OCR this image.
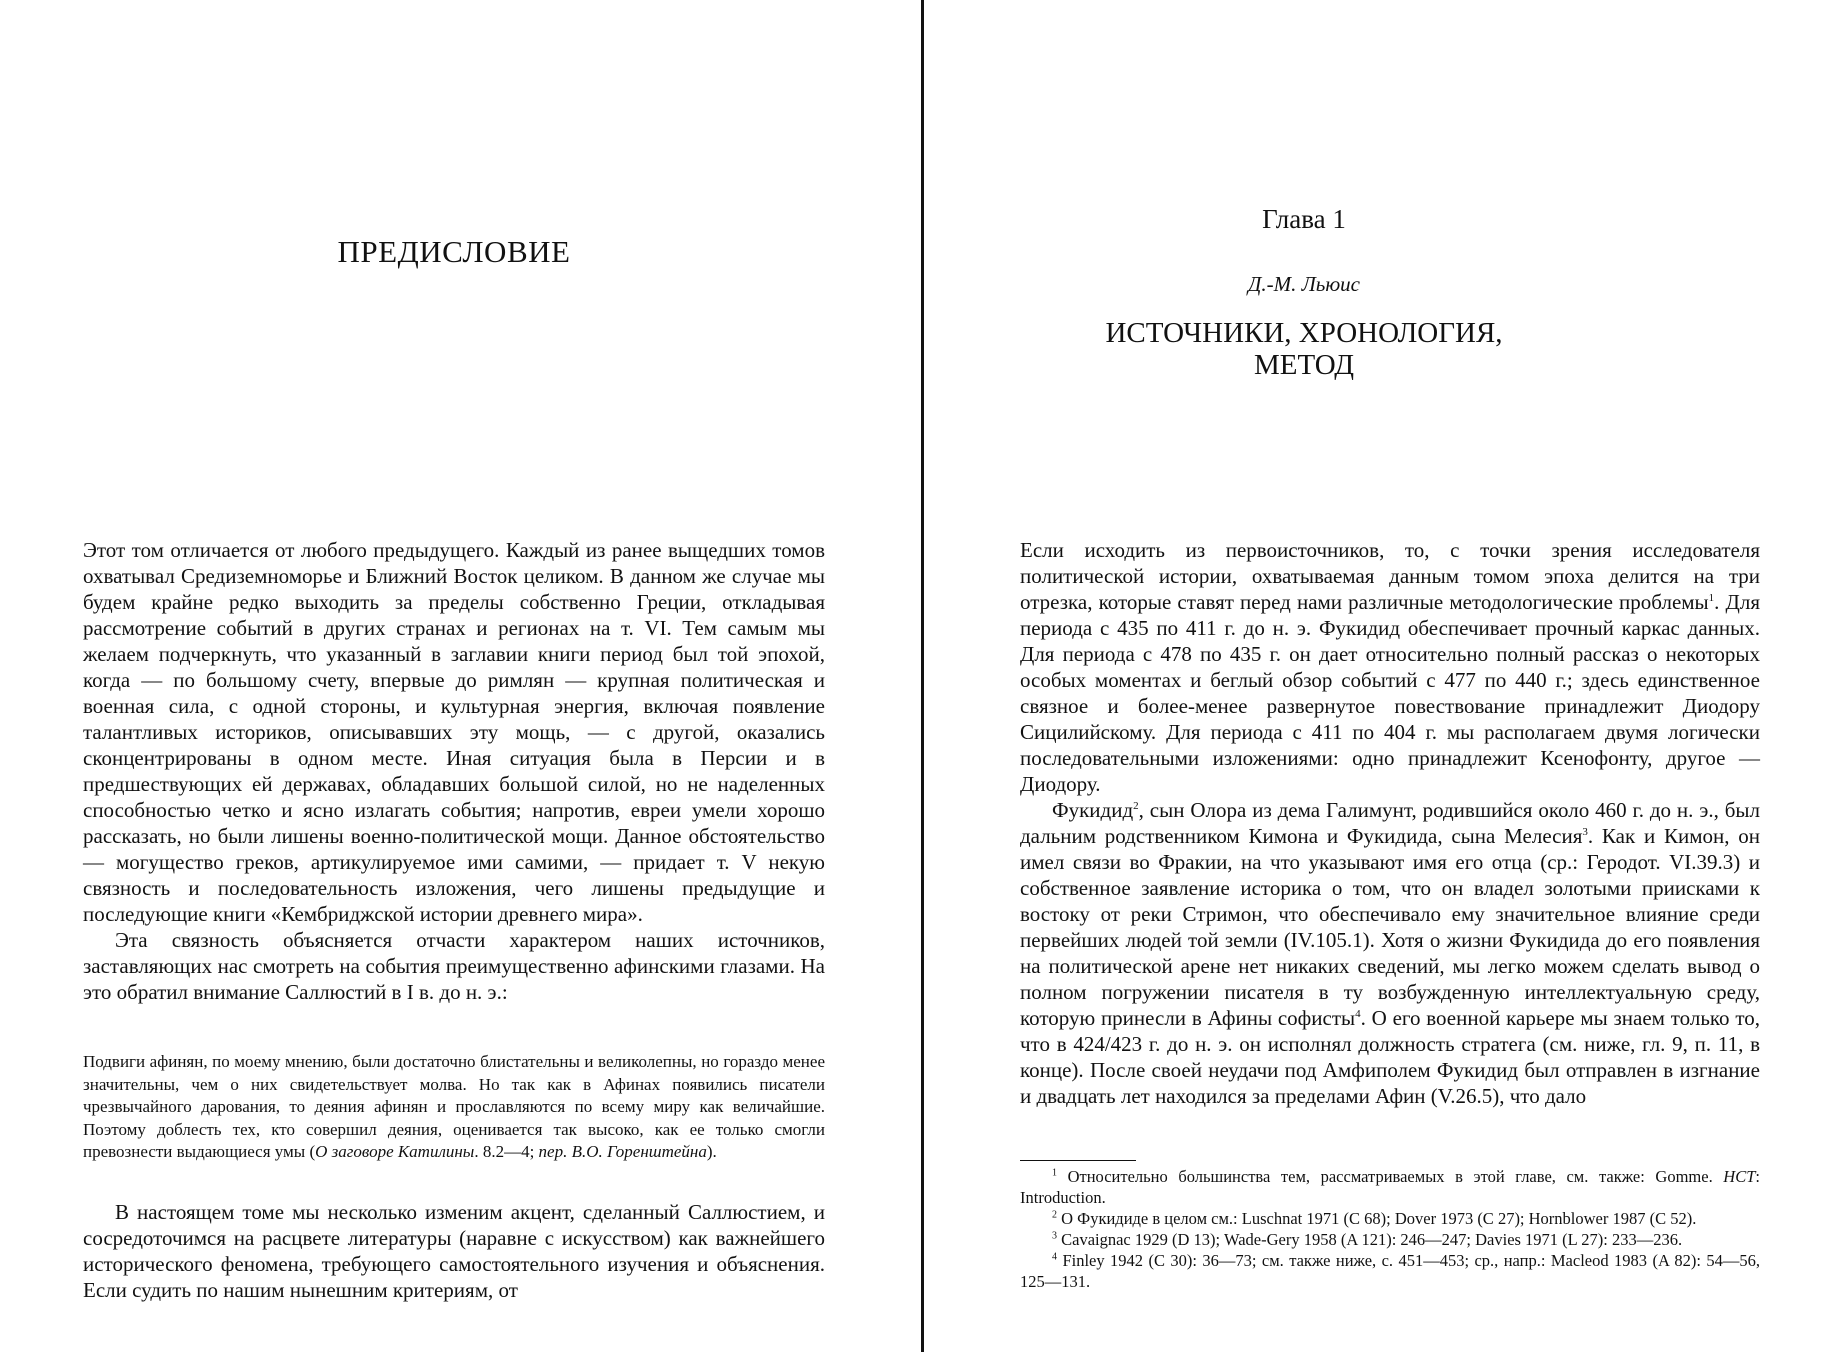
ПРЕДИСЛОВИЕ

Этот том отличается от любого предыдущего. Каждый из ранее выщедших томов охватывал Средиземноморье и Ближний Восток целиком. В данном же случае мы будем крайне редко выходить за пределы собственно Греции, откладывая рассмотрение событий в других странах и регионах на т. VI. Тем самым мы желаем подчеркнуть, что указанный в заглавии книги период был той эпохой, когда — по большому счету, впервые до римлян — крупная политическая и военная сила, с одной стороны, и культурная энергия, включая появление талантливых историков, описывавших эту мощь, — с другой, оказались сконцентрированы в одном месте. Иная ситуация была в Персии и в предшествующих ей державах, обладавших большой силой, но не наделенных способностью четко и ясно излагать события; напротив, евреи умели хорошо рассказать, но были лишены военно-политической мощи. Данное обстоятельство — могущество греков, артикулируемое ими самими, — придает т. V некую связность и последовательность изложения, чего лишены предыдущие и последующие книги «Кембриджской истории древнего мира».

Эта связность объясняется отчасти характером наших источников, заставляющих нас смотреть на события преимущественно афинскими глазами. На это обратил внимание Саллюстий в I в. до н. э.:

Подвиги афинян, по моему мнению, были достаточно блистательны и великолепны, но гораздо менее значительны, чем о них свидетельствует молва. Но так как в Афинах появились писатели чрезвычайного дарования, то деяния афинян и прославляются по всему миру как величайшие. Поэтому доблесть тех, кто совершил деяния, оценивается так высоко, как ее только смогли превознести выдающиеся умы (О заговоре Катилины. 8.2—4; пер. В.О. Горенштейна).

В настоящем томе мы несколько изменим акцент, сделанный Саллюстием, и сосредоточимся на расцвете литературы (наравне с искусством) как важнейшего исторического феномена, требующего самостоятельного изучения и объяснения. Если судить по нашим нынешним критериям, от

Глава 1
Д.-М. Льюис
ИСТОЧНИКИ, ХРОНОЛОГИЯ,
МЕТОД

Если исходить из первоисточников, то, с точки зрения исследователя политической истории, охватываемая данным томом эпоха делится на три отрезка, которые ставят перед нами различные методологические проблемы$^1$. Для периода с 435 по 411 г. до н. э. Фукидид обеспечивает прочный каркас данных. Для периода с 478 по 435 г. он дает относительно полный рассказ о некоторых особых моментах и беглый обзор событий с 477 по 440 г.; здесь единственное связное и более-менее развернутое повествование принадлежит Диодору Сицилийскому. Для периода с 411 по 404 г. мы располагаем двумя логически последовательными изложениями: одно принадлежит Ксенофонту, другое — Диодору.

Фукидид$^2$, сын Олора из дема Галимунт, родившийся около 460 г. до н. э., был дальним родственником Кимона и Фукидида, сына Мелесия$^3$. Как и Кимон, он имел связи во Фракии, на что указывают имя его отца (ср.: Геродот. VI.39.3) и собственное заявление историка о том, что он владел золотыми приисками к востоку от реки Стримон, что обеспечивало ему значительное влияние среди первейших людей той земли (IV.105.1). Хотя о жизни Фукидида до его появления на политической арене нет никаких сведений, мы легко можем сделать вывод о полном погружении писателя в ту возбужденную интеллектуальную среду, которую принесли в Афины софисты$^4$. О его военной карьере мы знаем только то, что в 424/423 г. до н. э. он исполнял должность стратега (см. ниже, гл. 9, п. 11, в конце). После своей неудачи под Амфиполем Фукидид был отправлен в изгнание и двадцать лет находился за пределами Афин (V.26.5), что дало

$^1$ Относительно большинства тем, рассматриваемых в этой главе, см. также: Gomme. HCT: Introduction.

$^2$ О Фукидиде в целом см.: Luschnat 1971 (C 68); Dover 1973 (C 27); Hornblower 1987 (C 52).

$^3$ Cavaignac 1929 (D 13); Wade-Gery 1958 (A 121): 246—247; Davies 1971 (L 27): 233—236.

$^4$ Finley 1942 (C 30): 36—73; см. также ниже, с. 451—453; ср., напр.: Macleod 1983 (A 82): 54—56, 125—131.
